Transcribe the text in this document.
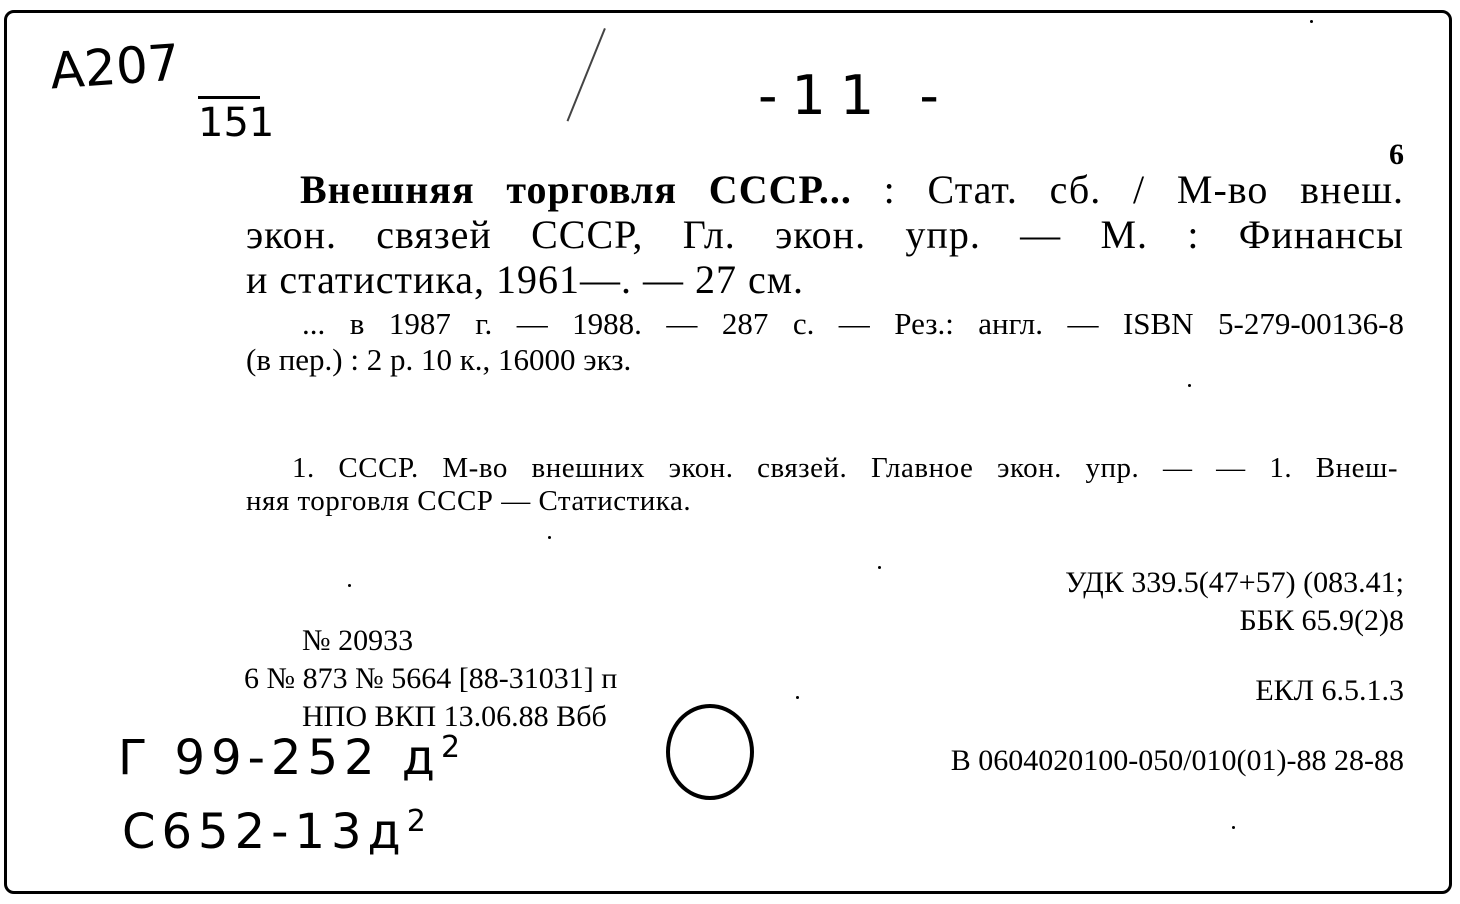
A207
151	-11 -
6
Внешняя торговля СССР... : Стат. сб. / М-во внеш.
экон. связей СССР, Гл. экон. упр. — М. : Финансы
и статистика, 1961—. — 27 см.
... в 1987 г. — 1988. — 287 с. — Рез.: англ. — ISBN 5-279-00136-8
(в пер.) : 2 р. 10 к., 16000 экз.
1. СССР. М-во внешних экон. связей. Главное экон. упр. — — 1. Внеш-
няя торговля СССР — Статистика.
УДК 339.5(47+57) (083.41;
ББК 65.9(2)8
№ 20933
6 № 873 № 5664 [88-31031] п
НПО ВКП 13.06.88 Вбб
ЕКЛ 6.5.1.3
В 0604020100-050/010(01)-88 28-88
Г 99-252 $д^2$
$C652-13д^2$
